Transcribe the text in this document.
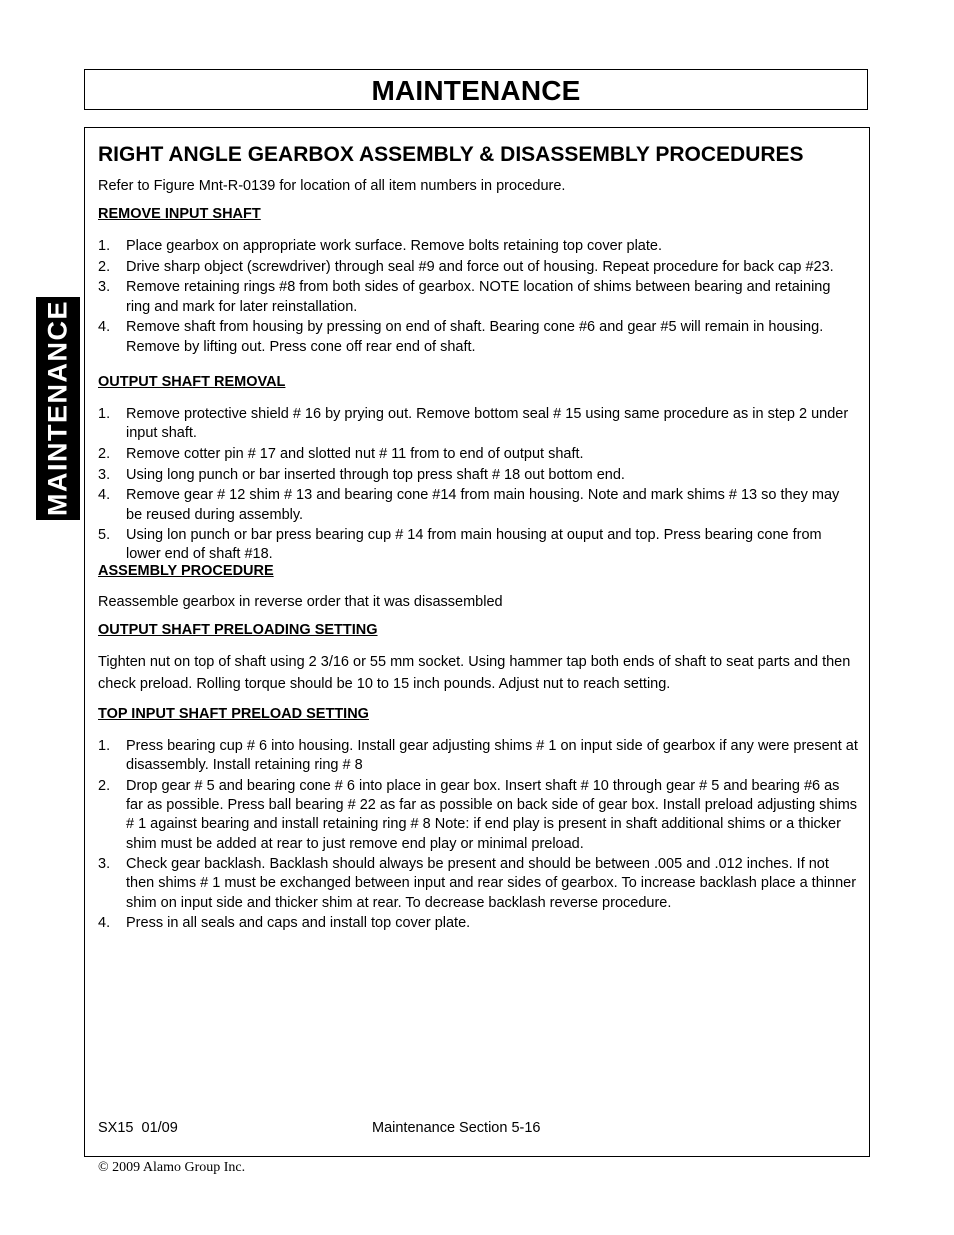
MAINTENANCE
MAINTENANCE
RIGHT ANGLE GEARBOX ASSEMBLY & DISASSEMBLY PROCEDURES
Refer to Figure Mnt-R-0139 for location of all item numbers in procedure.
REMOVE INPUT SHAFT
1. Place gearbox on appropriate work surface. Remove bolts retaining top cover plate.
2. Drive sharp object (screwdriver) through seal #9 and force out of housing. Repeat procedure for back cap #23.
3. Remove retaining rings #8 from both sides of gearbox. NOTE location of shims between bearing and retaining ring and mark for later reinstallation.
4. Remove shaft from housing by pressing on end of shaft. Bearing cone #6 and gear #5 will remain in housing. Remove by lifting out. Press cone off rear end of shaft.
OUTPUT SHAFT REMOVAL
1. Remove protective shield # 16 by prying out. Remove bottom seal # 15 using same procedure as in step 2 under input shaft.
2. Remove cotter pin # 17 and slotted nut # 11 from to end of output shaft.
3. Using long punch or bar inserted through top press shaft # 18 out bottom end.
4. Remove gear # 12 shim # 13 and bearing cone #14 from main housing. Note and mark shims # 13 so they may be reused during assembly.
5. Using lon punch or bar press bearing cup # 14 from main housing at ouput and top. Press bearing cone from lower end of shaft #18.
ASSEMBLY PROCEDURE
Reassemble gearbox in reverse order that it was disassembled
OUTPUT SHAFT PRELOADING SETTING
Tighten nut on top of shaft using 2 3/16 or 55 mm socket. Using hammer tap both ends of shaft to seat parts and then check preload. Rolling torque should be 10 to 15 inch pounds. Adjust nut to reach setting.
TOP INPUT SHAFT PRELOAD SETTING
1. Press bearing cup # 6 into housing. Install gear adjusting shims # 1 on input side of gearbox if any were present at disassembly. Install retaining ring # 8
2. Drop gear # 5 and bearing cone # 6 into place in gear box. Insert shaft # 10 through gear # 5 and bearing #6 as far as possible. Press ball bearing # 22 as far as possible on back side of gear box. Install preload adjusting shims # 1 against bearing and install retaining ring # 8 Note: if end play is present in shaft additional shims or a thicker shim must be added at rear to just remove end play or minimal preload.
3. Check gear backlash. Backlash should always be present and should be between .005 and .012 inches. If not then shims # 1 must be exchanged between input and rear sides of gearbox. To increase backlash place a thinner shim on input side and thicker shim at rear. To decrease backlash reverse procedure.
4. Press in all seals and caps and install top cover plate.
SX15  01/09	Maintenance Section 5-16
© 2009 Alamo Group Inc.
